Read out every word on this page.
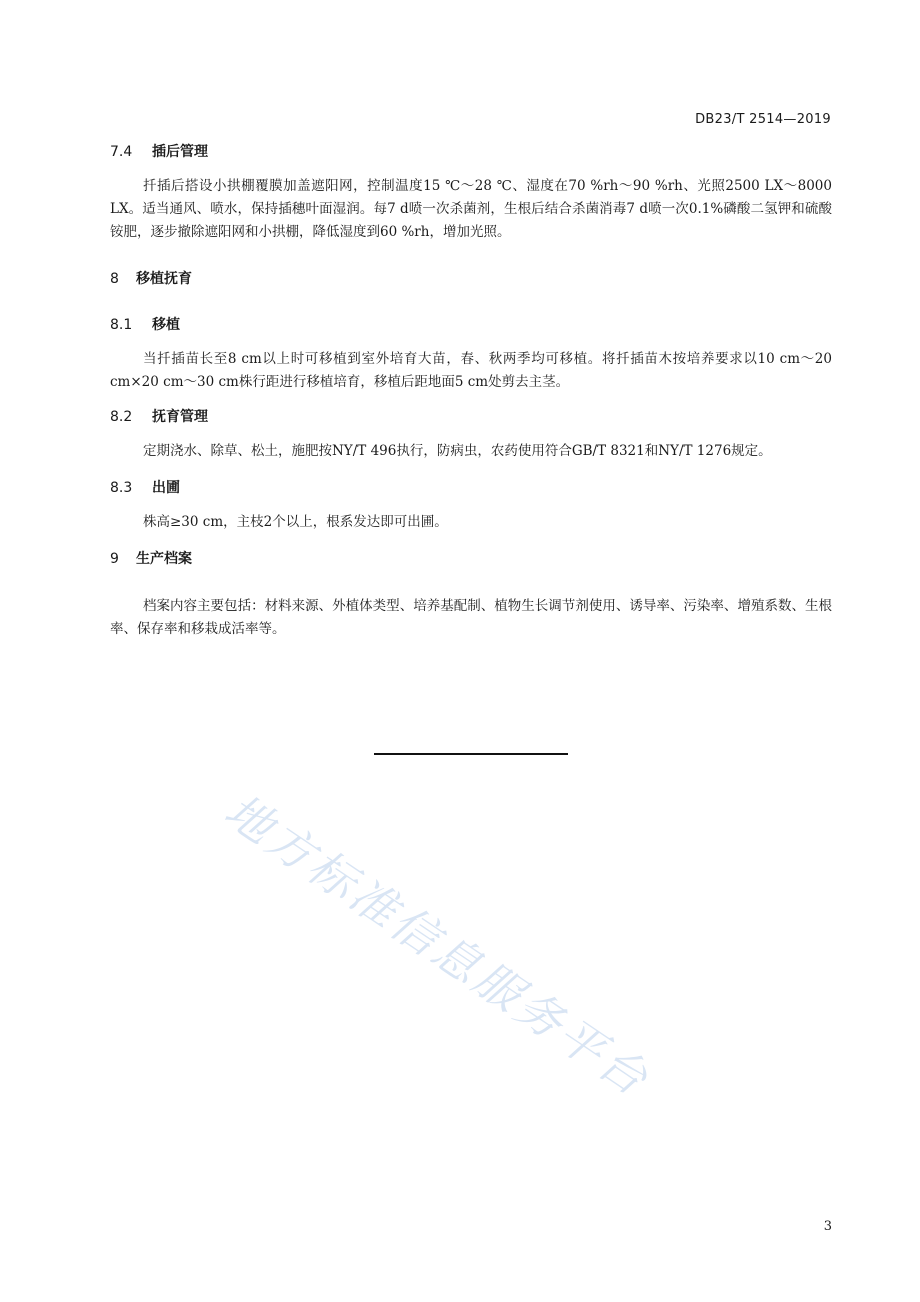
DB23/T 2514—2019
7.4 插后管理

扦插后搭设小拱棚覆膜加盖遮阳网，控制温度15 ℃～28 ℃、湿度在70 %rh～90 %rh、光照2500 LX～8000 LX。适当通风、喷水，保持插穗叶面湿润。每7 d喷一次杀菌剂，生根后结合杀菌消毒7 d喷一次0.1%磷酸二氢钾和硫酸铵肥，逐步撤除遮阳网和小拱棚，降低湿度到60 %rh，增加光照。

8 移植抚育
8.1 移植

当扦插苗长至8 cm以上时可移植到室外培育大苗，春、秋两季均可移植。将扦插苗木按培养要求以10 cm～20 cm×20 cm～30 cm株行距进行移植培育，移植后距地面5 cm处剪去主茎。

8.2 抚育管理

定期浇水、除草、松土，施肥按NY/T 496执行，防病虫，农药使用符合GB/T 8321和NY/T 1276规定。

8.3 出圃

株高≥30 cm，主枝2个以上，根系发达即可出圃。

9 生产档案

档案内容主要包括：材料来源、外植体类型、培养基配制、植物生长调节剂使用、诱导率、污染率、增殖系数、生根率、保存率和移栽成活率等。

地方标准信息服务平台
3
